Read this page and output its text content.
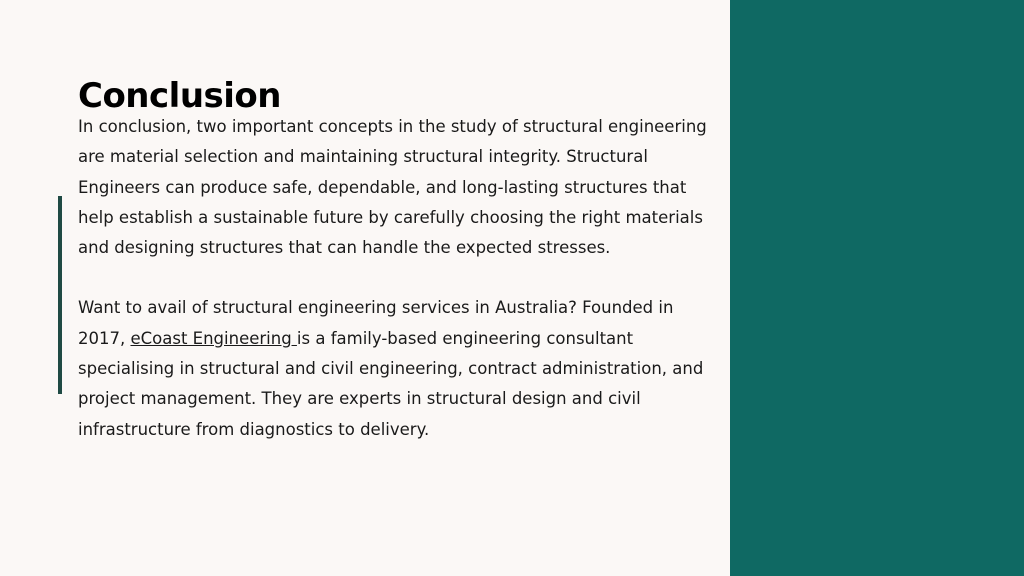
Conclusion

In conclusion, two important concepts in the study of structural engineering are material selection and maintaining structural integrity. Structural Engineers can produce safe, dependable, and long-lasting structures that help establish a sustainable future by carefully choosing the right materials and designing structures that can handle the expected stresses.

Want to avail of structural engineering services in Australia? Founded in 2017, eCoast Engineering is a family-based engineering consultant specialising in structural and civil engineering, contract administration, and project management. They are experts in structural design and civil infrastructure from diagnostics to delivery.
